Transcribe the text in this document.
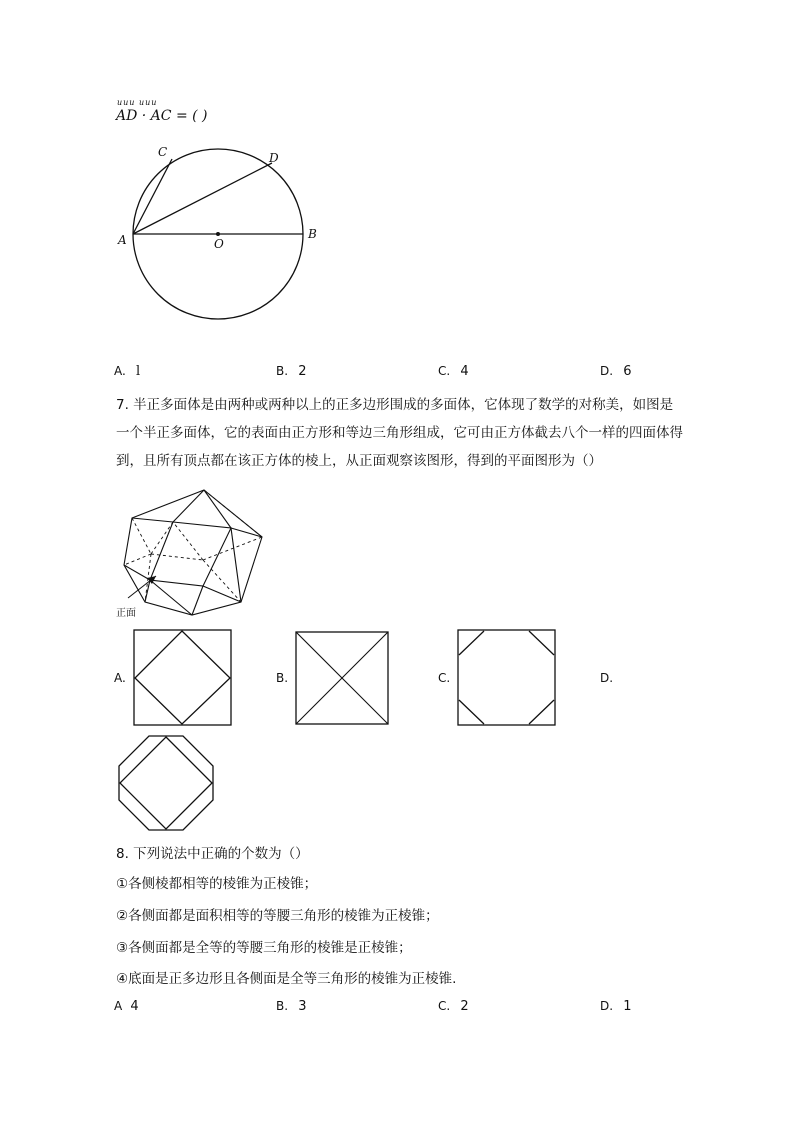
uuu uuu
AD · AC = ( )
C	D
A	O
B
A. l	B. 2	C. 4	D. 6
7. 半正多面体是由两种或两种以上的正多边形围成的多面体，它体现了数学的对称美，如图是一个半正多面体，它的表面由正方形和等边三角形组成，它可由正方体截去八个一样的四面体得到，且所有顶点都在该正方体的棱上，从正面观察该图形，得到的平面图形为（）
正面
A.	B.	C.	D.
8. 下列说法中正确的个数为（）
①各侧棱都相等的棱锥为正棱锥；
②各侧面都是面积相等的等腰三角形的棱锥为正棱锥；
③各侧面都是全等的等腰三角形的棱锥是正棱锥；
④底面是正多边形且各侧面是全等三角形的棱锥为正棱锥.
A 4	B. 3	C. 2	D. 1
